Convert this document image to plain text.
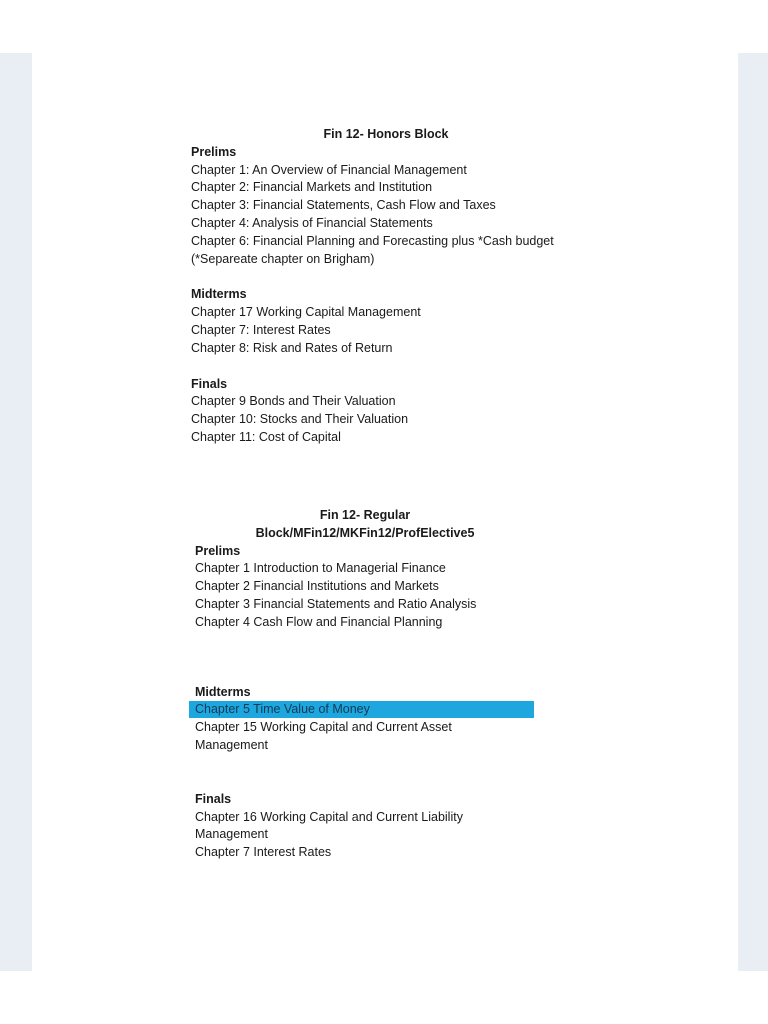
Fin 12- Honors Block

Prelims

Chapter 1: An Overview of Financial Management

Chapter 2: Financial Markets and Institution

Chapter 3: Financial Statements, Cash Flow and Taxes

Chapter 4: Analysis of Financial Statements

Chapter 6: Financial Planning and Forecasting plus *Cash budget (*Separeate chapter on Brigham)

Midterms

Chapter 17 Working Capital Management

Chapter 7: Interest Rates

Chapter 8: Risk and Rates of Return

Finals

Chapter 9 Bonds and Their Valuation

Chapter 10: Stocks and Their Valuation

Chapter 11: Cost of Capital

Fin 12- Regular

Block/MFin12/MKFin12/ProfElective5

Prelims

Chapter 1 Introduction to Managerial Finance

Chapter 2 Financial Institutions and Markets

Chapter 3 Financial Statements and Ratio Analysis

Chapter 4 Cash Flow and Financial Planning

Midterms

Chapter 5 Time Value of Money

Chapter 15 Working Capital and Current Asset Management

Finals

Chapter 16 Working Capital and Current Liability Management

Chapter 7 Interest Rates
